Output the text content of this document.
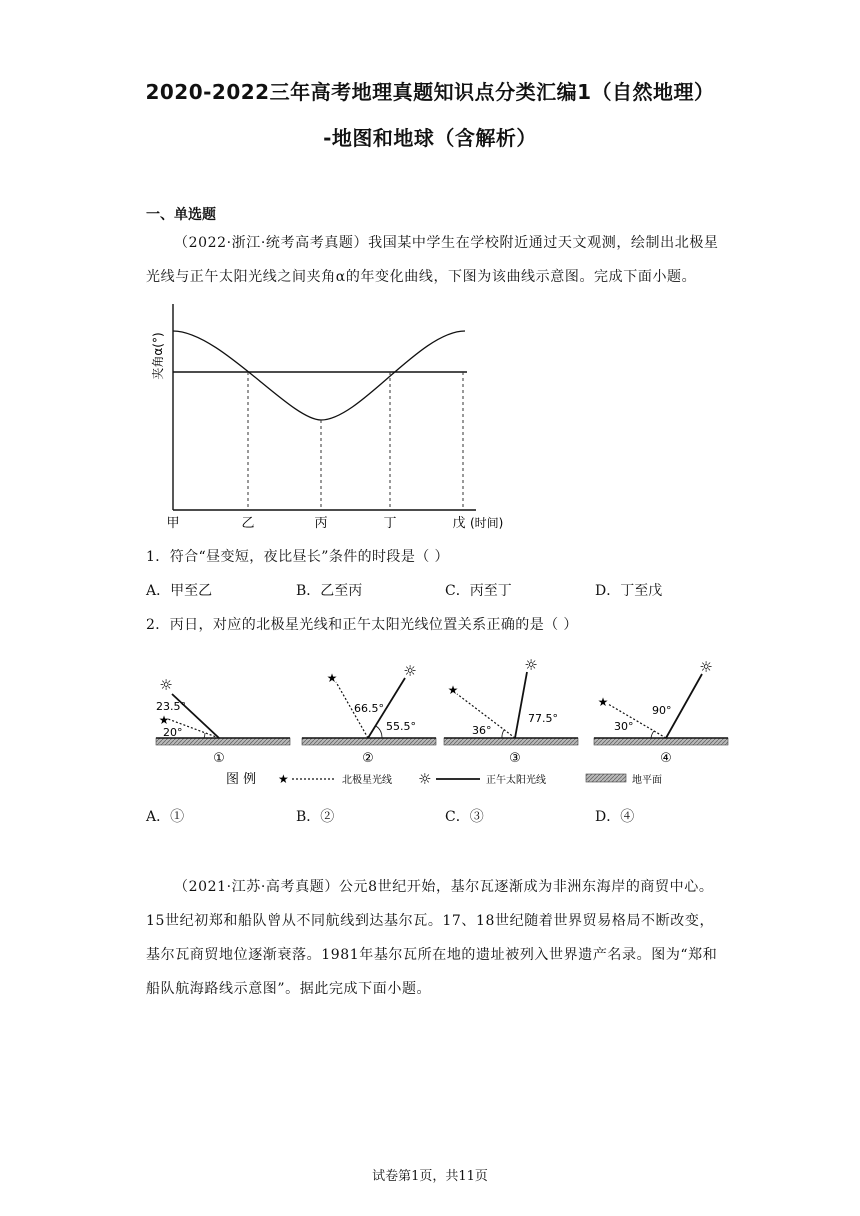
2020-2022三年高考地理真题知识点分类汇编1（自然地理）
-地图和地球（含解析）
一、单选题
（2022·浙江·统考高考真题）我国某中学生在学校附近通过天文观测，绘制出北极星光线与正午太阳光线之间夹角α的年变化曲线，下图为该曲线示意图。完成下面小题。
夹角α(°)
甲	乙	丙	丁	戊 (时间)
1．符合“昼变短，夜比昼长”条件的时段是（ ）
A．甲至乙	B．乙至丙	C．丙至丁	D．丁至戊
2．丙日，对应的北极星光线和正午太阳光线位置关系正确的是（ ）
☼
★
23.5°
20°
①
☼
★
66.5°
55.5°
②
☼
★
36°
77.5°
③
☼
★
30°
90°
④
图 例 ★	北极星光线 ☼	正午太阳光线	地平面
A．①	B．②	C．③	D．④
（2021·江苏·高考真题）公元8世纪开始，基尔瓦逐渐成为非洲东海岸的商贸中心。15世纪初郑和船队曾从不同航线到达基尔瓦。17、18世纪随着世界贸易格局不断改变，基尔瓦商贸地位逐渐衰落。1981年基尔瓦所在地的遗址被列入世界遗产名录。图为“郑和船队航海路线示意图”。据此完成下面小题。
试卷第1页，共11页
